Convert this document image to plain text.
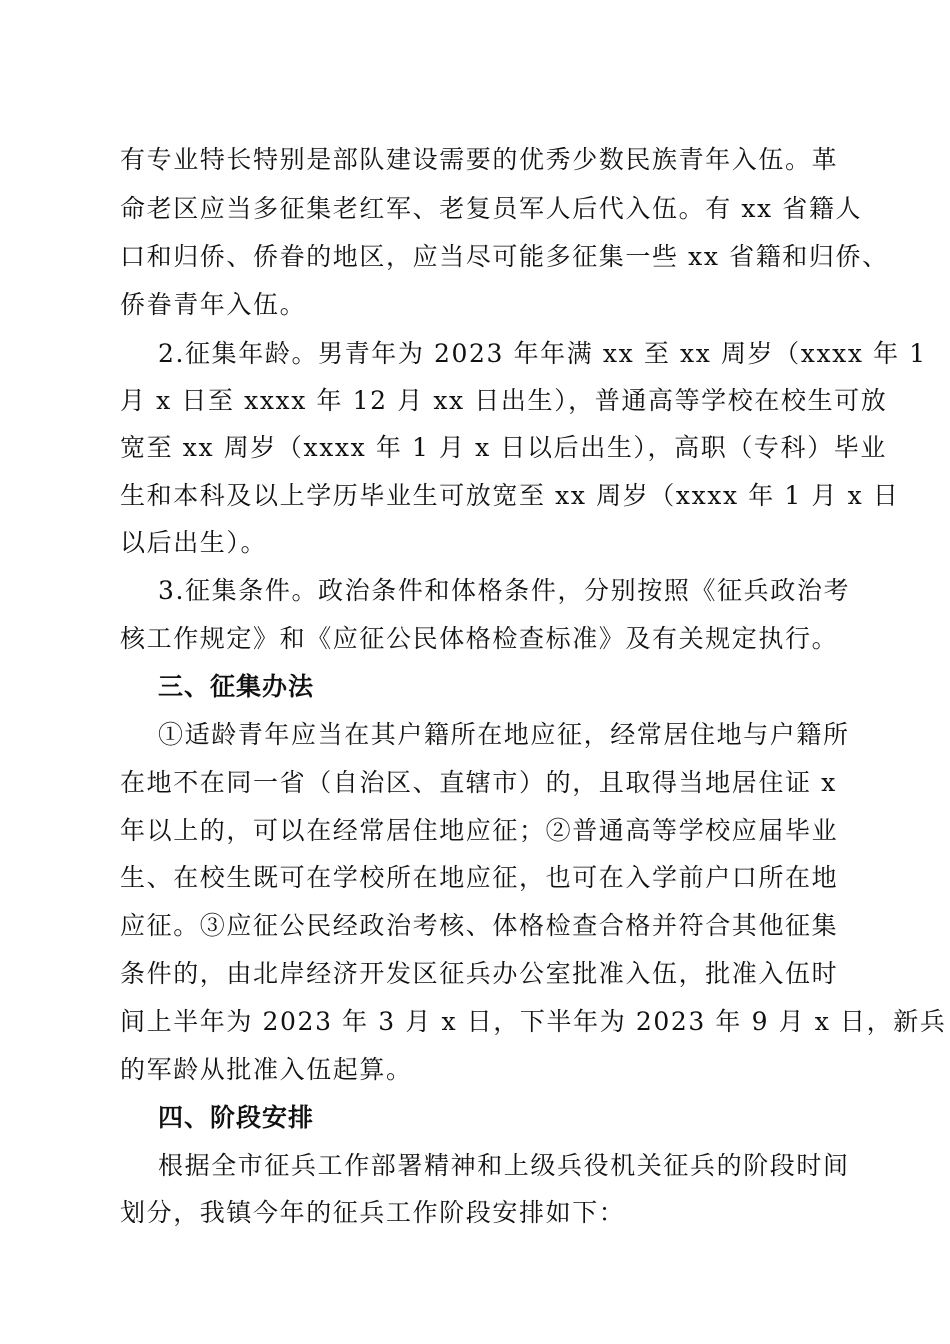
有专业特长特别是部队建设需要的优秀少数民族青年入伍。革
命老区应当多征集老红军、老复员军人后代入伍。有 xx 省籍人
口和归侨、侨眷的地区，应当尽可能多征集一些 xx 省籍和归侨、
侨眷青年入伍。
2.征集年龄。男青年为 2023 年年满 xx 至 xx 周岁（xxxx 年 1
月 x 日至 xxxx 年 12 月 xx 日出生），普通高等学校在校生可放
宽至 xx 周岁（xxxx 年 1 月 x 日以后出生），高职（专科）毕业
生和本科及以上学历毕业生可放宽至 xx 周岁（xxxx 年 1 月 x 日
以后出生）。
3.征集条件。政治条件和体格条件，分别按照《征兵政治考
核工作规定》和《应征公民体格检查标准》及有关规定执行。
三、征集办法
①适龄青年应当在其户籍所在地应征，经常居住地与户籍所
在地不在同一省（自治区、直辖市）的，且取得当地居住证 x
年以上的，可以在经常居住地应征；②普通高等学校应届毕业
生、在校生既可在学校所在地应征，也可在入学前户口所在地
应征。③应征公民经政治考核、体格检查合格并符合其他征集
条件的，由北岸经济开发区征兵办公室批准入伍，批准入伍时
间上半年为 2023 年 3 月 x 日，下半年为 2023 年 9 月 x 日，新兵
的军龄从批准入伍起算。
四、阶段安排
根据全市征兵工作部署精神和上级兵役机关征兵的阶段时间
划分，我镇今年的征兵工作阶段安排如下：
